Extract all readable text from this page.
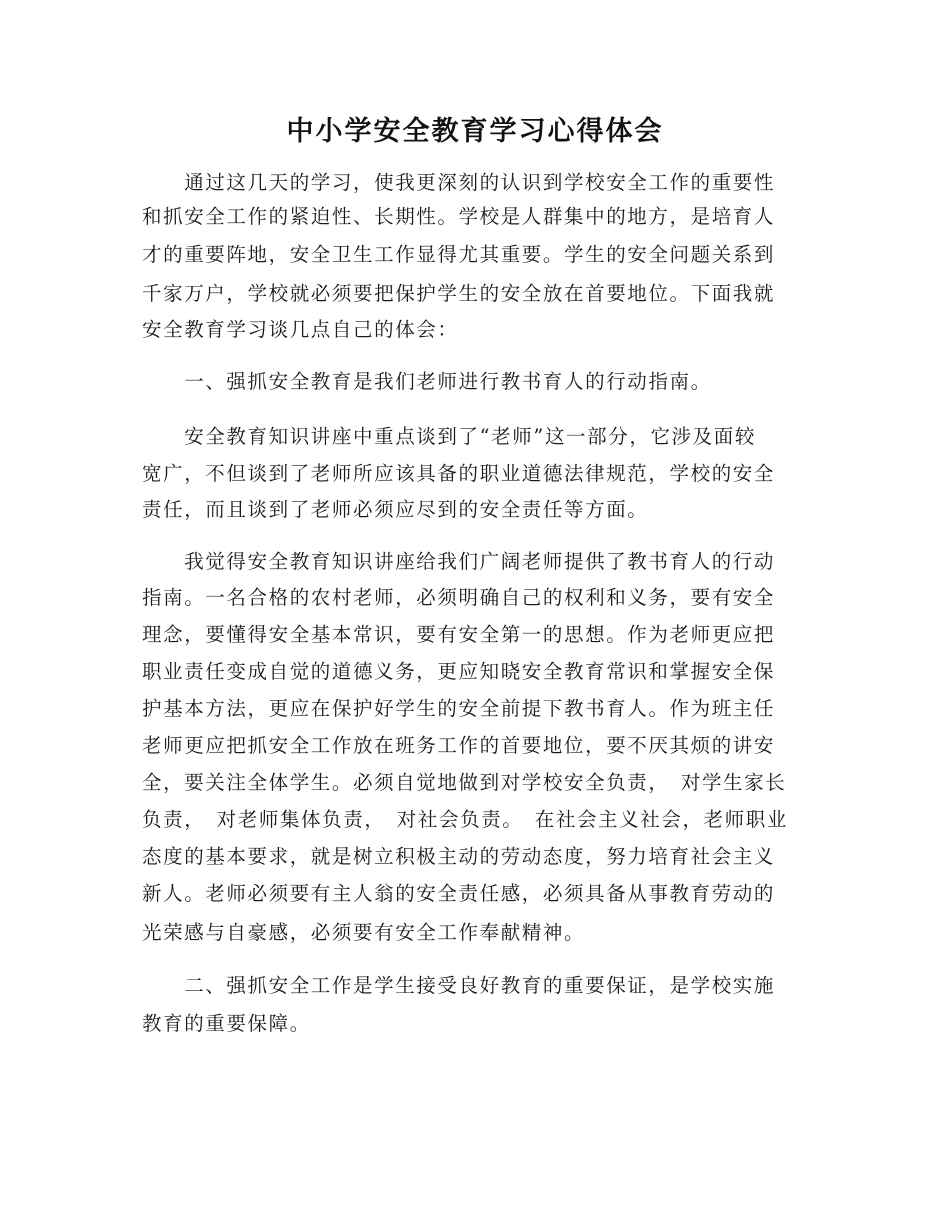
中小学安全教育学习心得体会
　　通过这几天的学习，使我更深刻的认识到学校安全工作的重要性
和抓安全工作的紧迫性、长期性。学校是人群集中的地方，是培育人
才的重要阵地，安全卫生工作显得尤其重要。学生的安全问题关系到
千家万户，学校就必须要把保护学生的安全放在首要地位。下面我就
安全教育学习谈几点自己的体会：
　　一、强抓安全教育是我们老师进行教书育人的行动指南。
　　安全教育知识讲座中重点谈到了“老师”这一部分，它涉及面较
宽广，不但谈到了老师所应该具备的职业道德法律规范，学校的安全
责任，而且谈到了老师必须应尽到的安全责任等方面。
　　我觉得安全教育知识讲座给我们广阔老师提供了教书育人的行动
指南。一名合格的农村老师，必须明确自己的权利和义务，要有安全
理念，要懂得安全基本常识，要有安全第一的思想。作为老师更应把
职业责任变成自觉的道德义务，更应知晓安全教育常识和掌握安全保
护基本方法，更应在保护好学生的安全前提下教书育人。作为班主任
老师更应把抓安全工作放在班务工作的首要地位，要不厌其烦的讲安
全，要关注全体学生。必须自觉地做到对学校安全负责，　对学生家长
负责，　对老师集体负责，　对社会负责。　在社会主义社会，老师职业
态度的基本要求，就是树立积极主动的劳动态度，努力培育社会主义
新人。老师必须要有主人翁的安全责任感，必须具备从事教育劳动的
光荣感与自豪感，必须要有安全工作奉献精神。
　　二、强抓安全工作是学生接受良好教育的重要保证，是学校实施
教育的重要保障。
